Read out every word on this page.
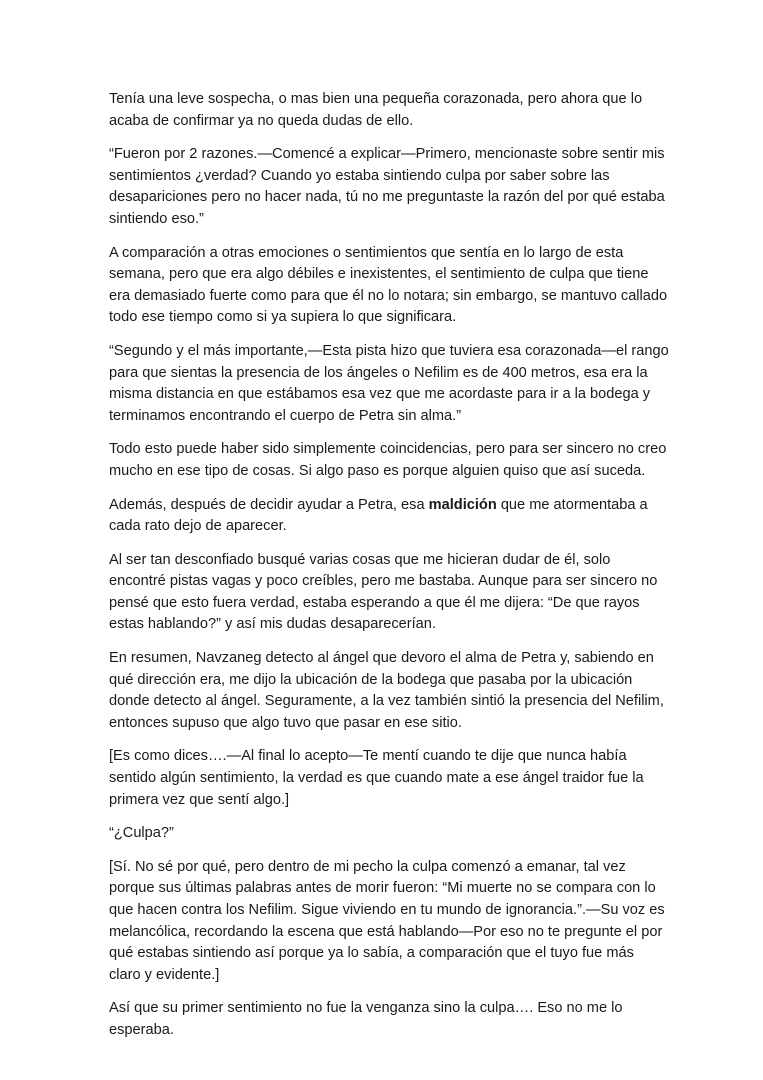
Tenía una leve sospecha, o mas bien una pequeña corazonada, pero ahora que lo acaba de confirmar ya no queda dudas de ello.

“Fueron por 2 razones.—Comencé a explicar—Primero, mencionaste sobre sentir mis sentimientos ¿verdad? Cuando yo estaba sintiendo culpa por saber sobre las desapariciones pero no hacer nada, tú no me preguntaste la razón del por qué estaba sintiendo eso.”

A comparación a otras emociones o sentimientos que sentía en lo largo de esta semana, pero que era algo débiles e inexistentes, el sentimiento de culpa que tiene era demasiado fuerte como para que él no lo notara; sin embargo, se mantuvo callado todo ese tiempo como si ya supiera lo que significara.

“Segundo y el más importante,—Esta pista hizo que tuviera esa corazonada—el rango para que sientas la presencia de los ángeles o Nefilim es de 400 metros, esa era la misma distancia en que estábamos esa vez que me acordaste para ir a la bodega y terminamos encontrando el cuerpo de Petra sin alma.”

Todo esto puede haber sido simplemente coincidencias, pero para ser sincero no creo mucho en ese tipo de cosas. Si algo paso es porque alguien quiso que así suceda.

Además, después de decidir ayudar a Petra, esa maldición que me atormentaba a cada rato dejo de aparecer.

Al ser tan desconfiado busqué varias cosas que me hicieran dudar de él, solo encontré pistas vagas y poco creíbles, pero me bastaba. Aunque para ser sincero no pensé que esto fuera verdad, estaba esperando a que él me dijera: “De que rayos estas hablando?” y así mis dudas desaparecerían.

En resumen, Navzaneg detecto al ángel que devoro el alma de Petra y, sabiendo en qué dirección era, me dijo la ubicación de la bodega que pasaba por la ubicación donde detecto al ángel. Seguramente, a la vez también sintió la presencia del Nefilim, entonces supuso que algo tuvo que pasar en ese sitio.

[Es como dices….—Al final lo acepto—Te mentí cuando te dije que nunca había sentido algún sentimiento, la verdad es que cuando mate a ese ángel traidor fue la primera vez que sentí algo.]

“¿Culpa?”

[Sí. No sé por qué, pero dentro de mi pecho la culpa comenzó a emanar, tal vez porque sus últimas palabras antes de morir fueron: “Mi muerte no se compara con lo que hacen contra los Nefilim. Sigue viviendo en tu mundo de ignorancia.”.—Su voz es melancólica, recordando la escena que está hablando—Por eso no te pregunte el por qué estabas sintiendo así porque ya lo sabía, a comparación que el tuyo fue más claro y evidente.]

Así que su primer sentimiento no fue la venganza sino la culpa…. Eso no me lo esperaba.
